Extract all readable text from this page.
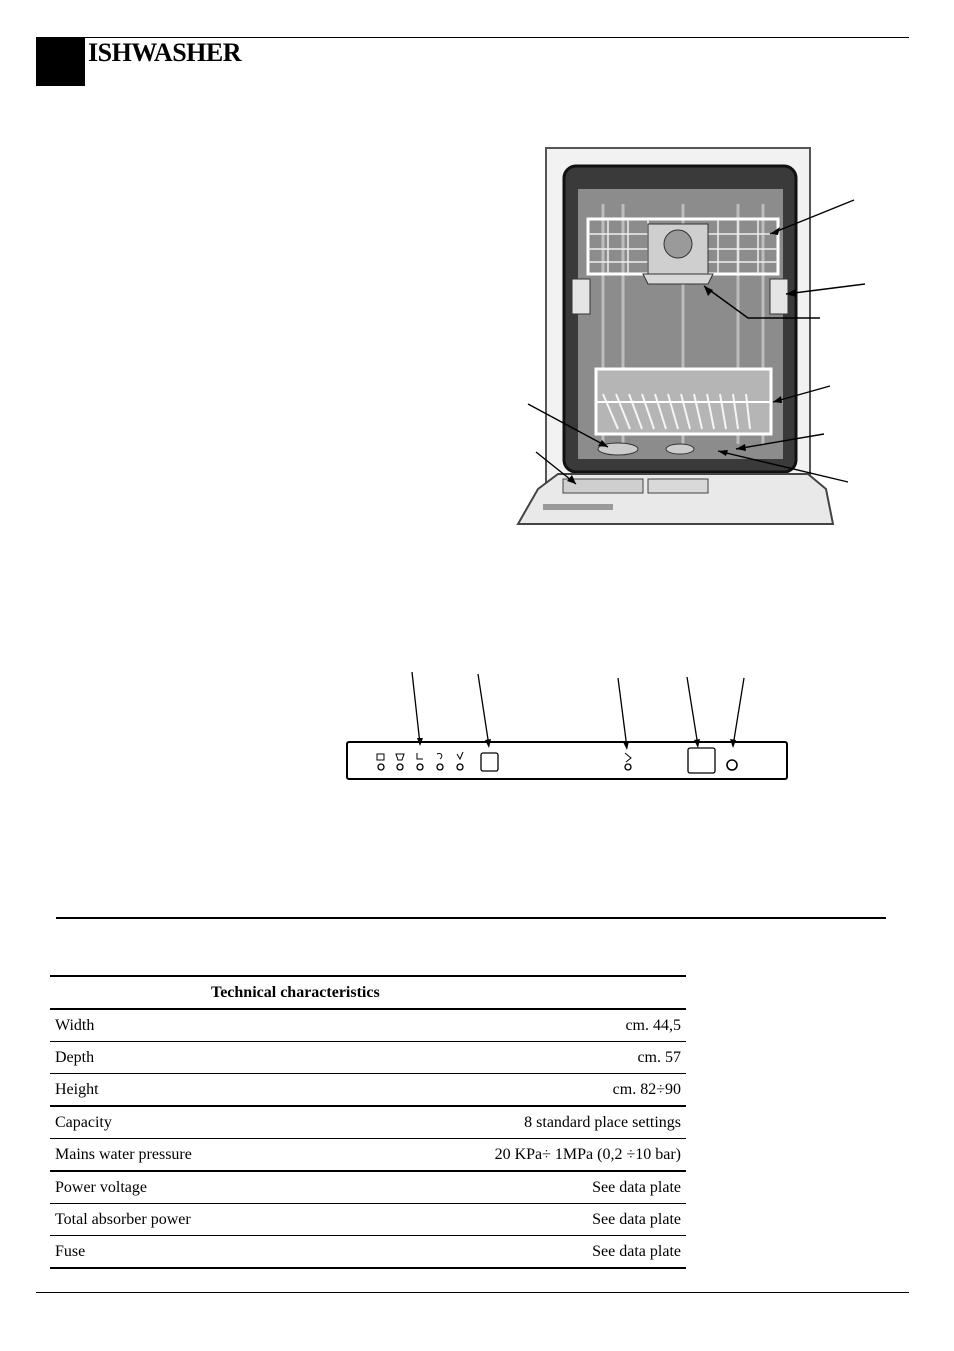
ISHWASHER
Technical characteristics	
Width	cm. 44,5
Depth	cm. 57
Height	cm. 82÷90
Capacity	8 standard place settings
Mains water pressure	20 KPa÷ 1MPa (0,2 ÷10 bar)
Power voltage	See data plate
Total absorber power	See data plate
Fuse	See data plate
